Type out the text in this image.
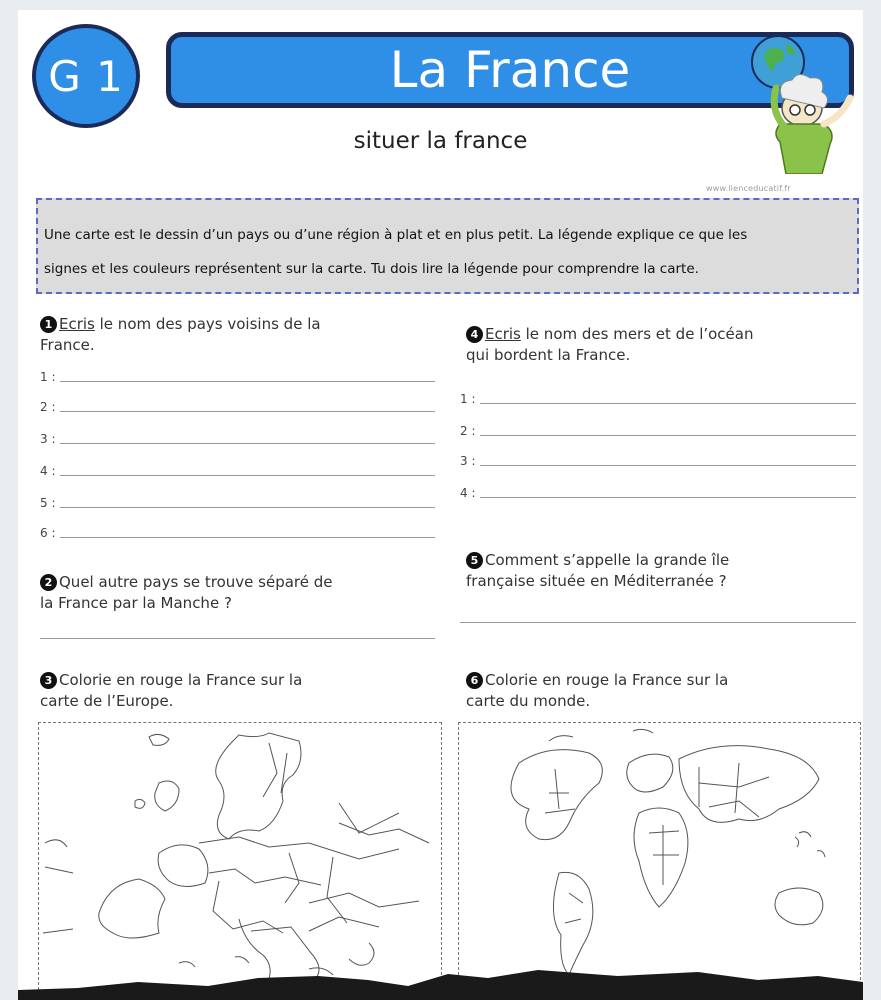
G 1	La France
situer la france
www.lienceducatif.fr
Une carte est le dessin d’un pays ou d’une région à plat et en plus petit. La légende explique ce que les
signes et les couleurs représentent sur la carte. Tu dois lire la légende pour comprendre la carte.
1 Ecris le nom des pays voisins de la
France.
1 :
2 :
3 :
4 :
5 :
6 :
2 Quel autre pays se trouve séparé de
la France par la Manche ?
3 Colorie en rouge la France sur la
carte de l’Europe.
4 Ecris le nom des mers et de l’océan
qui bordent la France.
1 :
2 :
3 :
4 :
5 Comment s’appelle la grande île
française située en Méditerranée ?
6 Colorie en rouge la France sur la
carte du monde.
